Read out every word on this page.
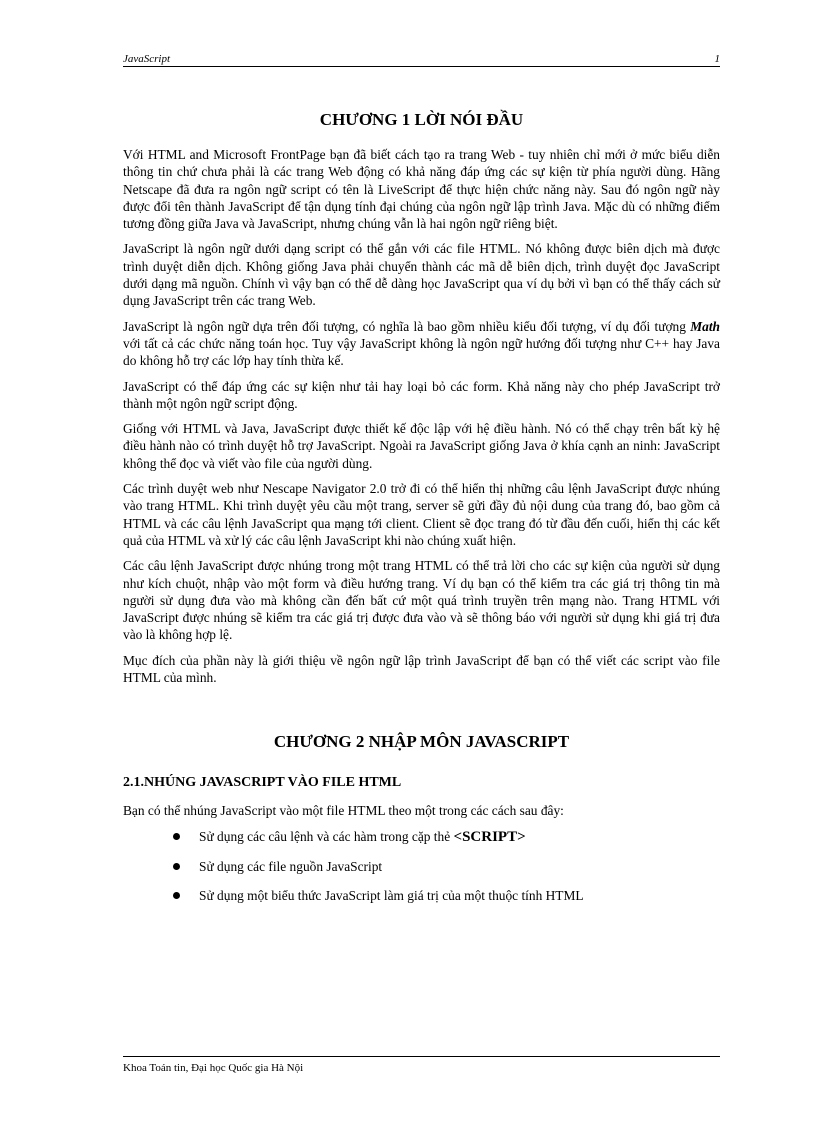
JavaScript	1
CHƯƠNG 1 LỜI NÓI ĐẦU

Với HTML and Microsoft FrontPage bạn đã biết cách tạo ra trang Web - tuy nhiên chỉ mới ở mức biểu diễn thông tin chứ chưa phải là các trang Web động có khả năng đáp ứng các sự kiện từ phía người dùng. Hãng Netscape đã đưa ra ngôn ngữ script có tên là LiveScript để thực hiện chức năng này. Sau đó ngôn ngữ này được đổi tên thành JavaScript để tận dụng tính đại chúng của ngôn ngữ lập trình Java. Mặc dù có những điểm tương đồng giữa Java và JavaScript, nhưng chúng vẫn là hai ngôn ngữ riêng biệt.

JavaScript là ngôn ngữ dưới dạng script có thể gắn với các file HTML. Nó không được biên dịch mà được trình duyệt diễn dịch. Không giống Java phải chuyển thành các mã dễ biên dịch, trình duyệt đọc JavaScript dưới dạng mã nguồn. Chính vì vậy bạn có thể dễ dàng học JavaScript qua ví dụ bởi vì bạn có thể thấy cách sử dụng JavaScript trên các trang Web.

JavaScript là ngôn ngữ dựa trên đối tượng, có nghĩa là bao gồm nhiều kiểu đối tượng, ví dụ đối tượng Math với tất cả các chức năng toán học. Tuy vậy JavaScript không là ngôn ngữ hướng đối tượng như C++ hay Java do không hỗ trợ các lớp hay tính thừa kế.

JavaScript có thể đáp ứng các sự kiện như tải hay loại bỏ các form. Khả năng này cho phép JavaScript trở thành một ngôn ngữ script động.

Giống với HTML và Java, JavaScript được thiết kế độc lập với hệ điều hành. Nó có thể chạy trên bất kỳ hệ điều hành nào có trình duyệt hỗ trợ JavaScript. Ngoài ra JavaScript giống Java ở khía cạnh an ninh: JavaScript không thể đọc và viết vào file của người dùng.

Các trình duyệt web như Nescape Navigator 2.0 trở đi có thể hiển thị những câu lệnh JavaScript được nhúng vào trang HTML. Khi trình duyệt yêu cầu một trang, server sẽ gửi đầy đủ nội dung của trang đó, bao gồm cả HTML và các câu lệnh JavaScript qua mạng tới client. Client sẽ đọc trang đó từ đầu đến cuối, hiển thị các kết quả của HTML và xử lý các câu lệnh JavaScript khi nào chúng xuất hiện.

Các câu lệnh JavaScript được nhúng trong một trang HTML có thể trả lời cho các sự kiện của người sử dụng như kích chuột, nhập vào một form và điều hướng trang. Ví dụ bạn có thể kiểm tra các giá trị thông tin mà người sử dụng đưa vào mà không cần đến bất cứ một quá trình truyền trên mạng nào. Trang HTML với JavaScript được nhúng sẽ kiểm tra các giá trị được đưa vào và sẽ thông báo với người sử dụng khi giá trị đưa vào là không hợp lệ.

Mục đích của phần này là giới thiệu về ngôn ngữ lập trình JavaScript để bạn có thể viết các script vào file HTML của mình.

CHƯƠNG 2 NHẬP MÔN JAVASCRIPT
2.1.NHÚNG JAVASCRIPT VÀO FILE HTML

Bạn có thể nhúng JavaScript vào một file HTML theo một trong các cách sau đây:

Sử dụng các câu lệnh và các hàm trong cặp thẻ <SCRIPT>
Sử dụng các file nguồn JavaScript
Sử dụng một biểu thức JavaScript làm giá trị của một thuộc tính HTML
Khoa Toán tin, Đại học Quốc gia Hà Nội
